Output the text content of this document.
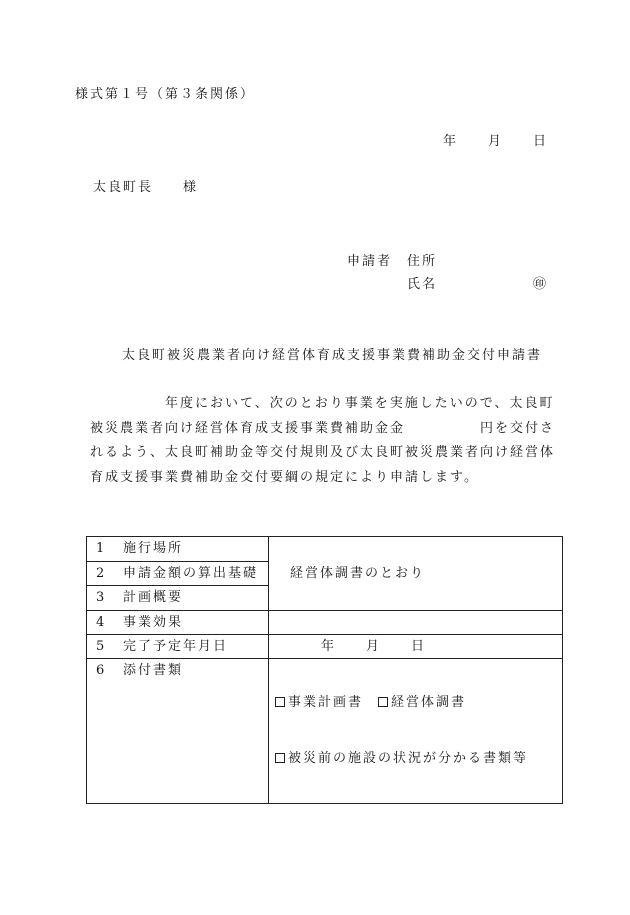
様式第１号（第３条関係）
年　　月　　日
太良町長　　様
申請者 住所
氏名	㊞
太良町被災農業者向け経営体育成支援事業費補助金交付申請書
　　　　　年度において、次のとおり事業を実施したいので、太良町
被災農業者向け経営体育成支援事業費補助金金　　　　　円を交付さ
れるよう、太良町補助金等交付規則及び太良町被災農業者向け経営体
育成支援事業費補助金交付要綱の規定により申請します。
1 施行場所	経営体調書のとおり
2 申請金額の算出基礎	
3 計画概要	
4 事業効果	
5 完了予定年月日	年　　月　　日
6 添付書類	事業計画書 経営体調書

被災前の施設の状況が分かる書類等
